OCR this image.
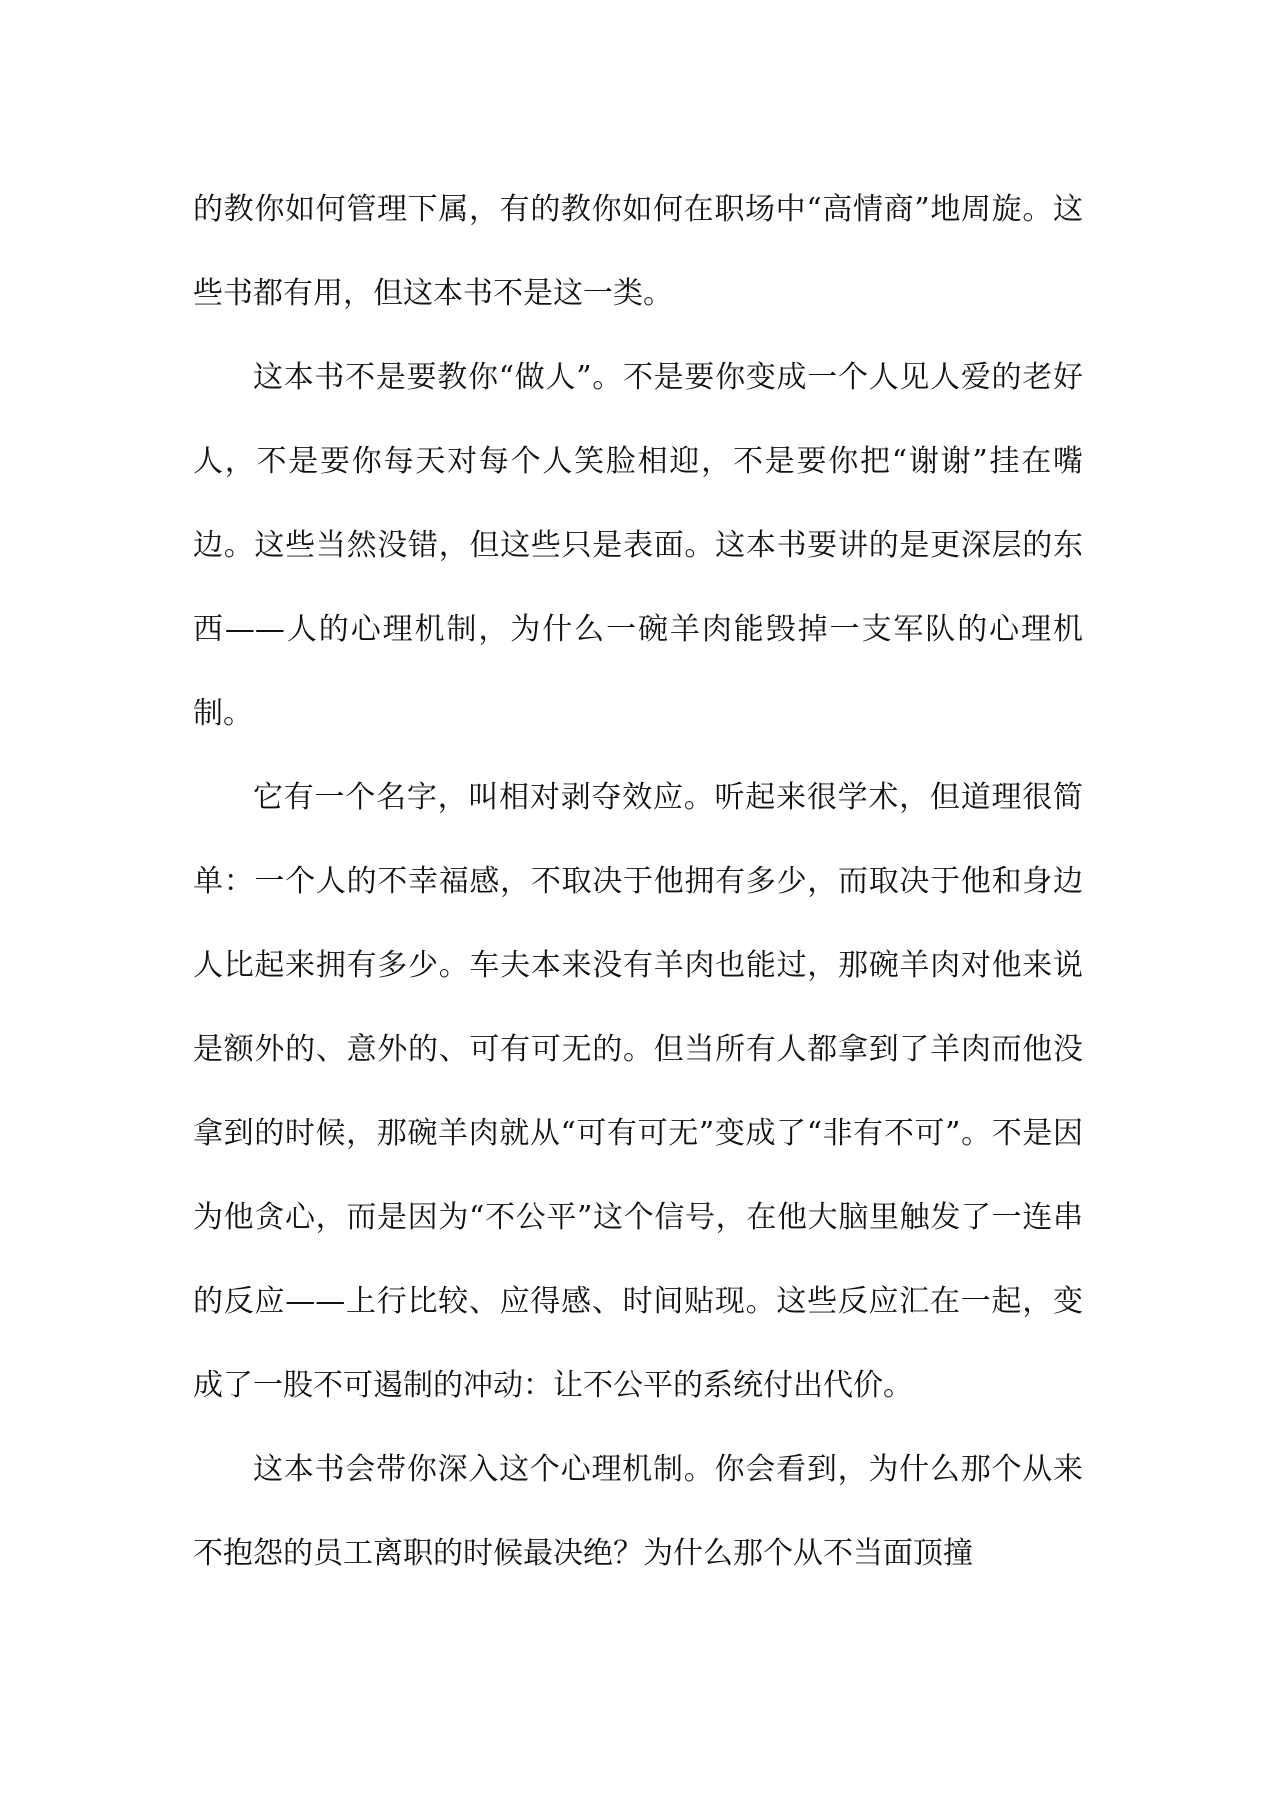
的教你如何管理下属，有的教你如何在职场中“高情商”地周旋。这些书都有用，但这本书不是这一类。

这本书不是要教你“做人”。不是要你变成一个人见人爱的老好人，不是要你每天对每个人笑脸相迎，不是要你把“谢谢”挂在嘴边。这些当然没错，但这些只是表面。这本书要讲的是更深层的东西——人的心理机制，为什么一碗羊肉能毁掉一支军队的心理机制。

它有一个名字，叫相对剥夺效应。听起来很学术，但道理很简单：一个人的不幸福感，不取决于他拥有多少，而取决于他和身边人比起来拥有多少。车夫本来没有羊肉也能过，那碗羊肉对他来说是额外的、意外的、可有可无的。但当所有人都拿到了羊肉而他没拿到的时候，那碗羊肉就从“可有可无”变成了“非有不可”。不是因为他贪心，而是因为“不公平”这个信号，在他大脑里触发了一连串的反应——上行比较、应得感、时间贴现。这些反应汇在一起，变成了一股不可遏制的冲动：让不公平的系统付出代价。

这本书会带你深入这个心理机制。你会看到，为什么那个从来不抱怨的员工离职的时候最决绝？为什么那个从不当面顶撞
